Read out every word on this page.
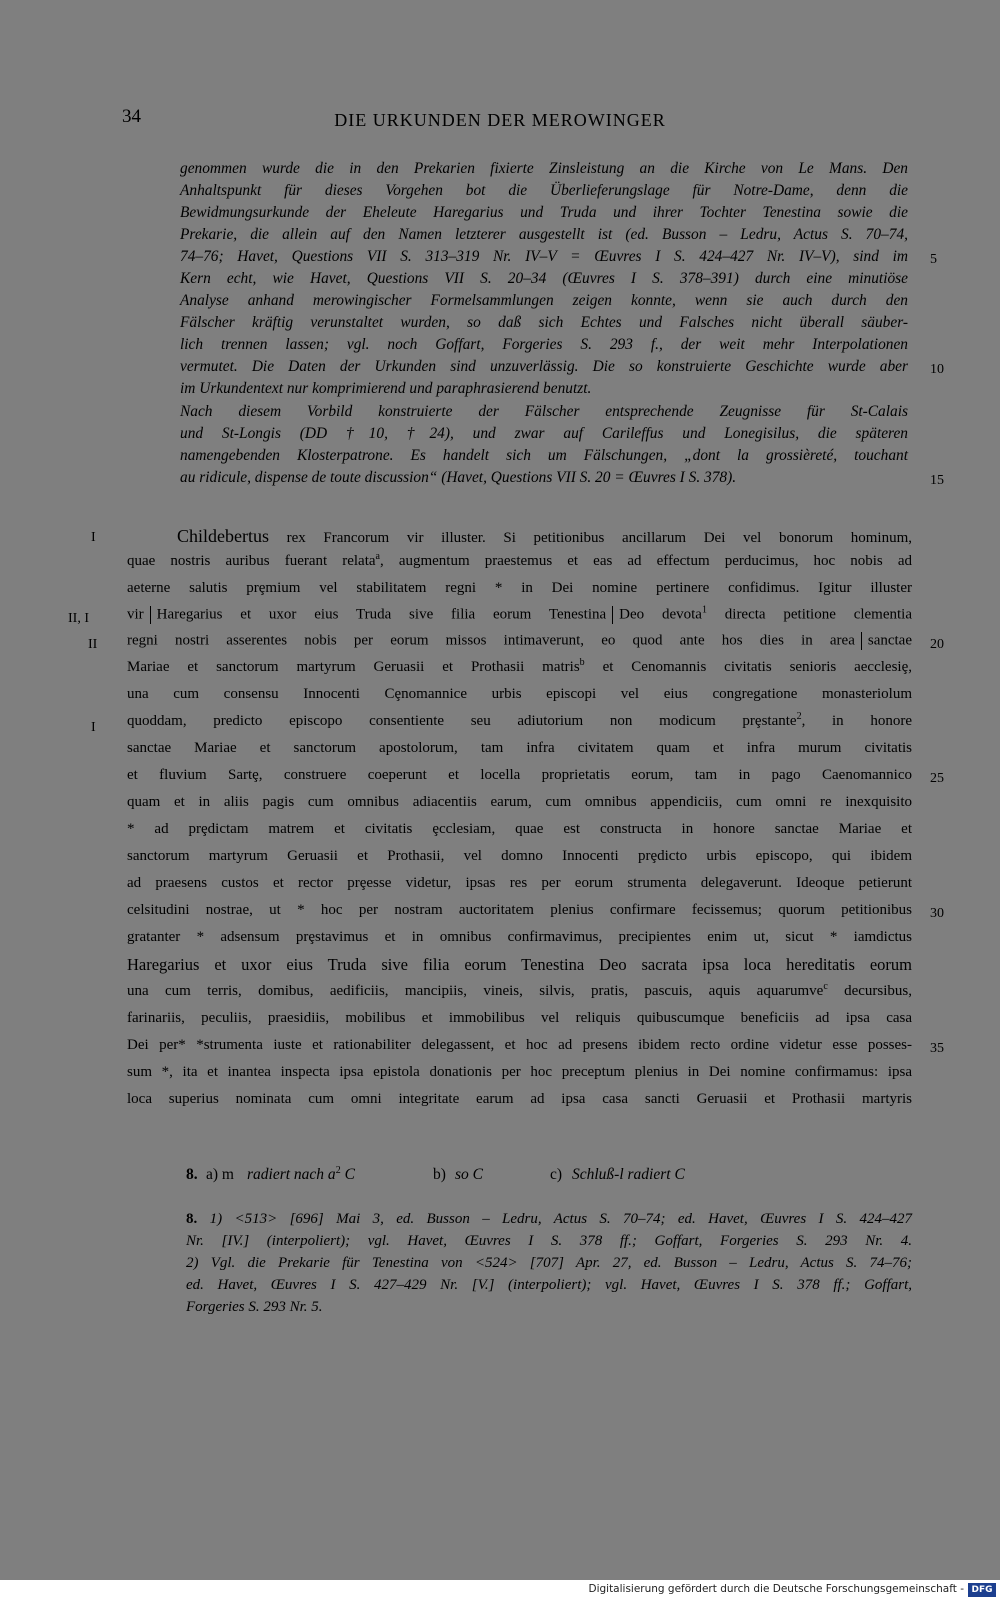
34	DIE URKUNDEN DER MEROWINGER
genommen wurde die in den Prekarien fixierte Zinsleistung an die Kirche von Le Mans. Den
Anhaltspunkt für dieses Vorgehen bot die Überlieferungslage für Notre-Dame, denn die
Bewidmungsurkunde der Eheleute Haregarius und Truda und ihrer Tochter Tenestina sowie die
Prekarie, die allein auf den Namen letzterer ausgestellt ist (ed. Busson – Ledru, Actus S. 70–74,
74–76; Havet, Questions VII S. 313–319 Nr. IV–V = Œuvres I S. 424–427 Nr. IV–V), sind im
Kern echt, wie Havet, Questions VII S. 20–34 (Œuvres I S. 378–391) durch eine minutiöse
Analyse anhand merowingischer Formelsammlungen zeigen konnte, wenn sie auch durch den
Fälscher kräftig verunstaltet wurden, so daß sich Echtes und Falsches nicht überall säuber-
lich trennen lassen; vgl. noch Goffart, Forgeries S. 293 f., der weit mehr Interpolationen
vermutet. Die Daten der Urkunden sind unzuverlässig. Die so konstruierte Geschichte wurde aber
im Urkundentext nur komprimierend und paraphrasierend benutzt.
Nach diesem Vorbild konstruierte der Fälscher entsprechende Zeugnisse für St-Calais
und St-Longis (DD †10, †24), und zwar auf Carileffus und Lonegisilus, die späteren
namengebenden Klosterpatrone. Es handelt sich um Fälschungen, „dont la grossièreté, touchant
au ridicule, dispense de toute discussion“ (Havet, Questions VII S. 20 = Œuvres I S. 378).
5
10
15
I
II, I
II
I
Childebertus rex Francorum vir illuster. Si petitionibus ancillarum Dei vel bonorum hominum,
quae nostris auribus fuerant relata$^a$, augmentum praestemus et eas ad effectum perducimus, hoc nobis ad
aeterne salutis prȩmium vel stabilitatem regni * in Dei nomine pertinere confidimus. Igitur illuster
vir Haregarius et uxor eius Truda sive filia eorum Tenestina Deo devota$^1$ directa petitione clementia
regni nostri asserentes nobis per eorum missos intimaverunt, eo quod ante hos dies in area sanctae
Mariae et sanctorum martyrum Geruasii et Prothasii matris$^b$ et Cenomannis civitatis senioris aecclesiȩ,
una cum consensu Innocenti Cȩnomannice urbis episcopi vel eius congregatione monasteriolum
quoddam, predicto episcopo consentiente seu adiutorium non modicum prȩstante$^2$, in honore
sanctae Mariae et sanctorum apostolorum, tam infra civitatem quam et infra murum civitatis
et fluvium Sartȩ, construere coeperunt et locella proprietatis eorum, tam in pago Caenomannico
quam et in aliis pagis cum omnibus adiacentiis earum, cum omnibus appendiciis, cum omni re inexquisito
* ad prȩdictam matrem et civitatis ȩcclesiam, quae est constructa in honore sanctae Mariae et
sanctorum martyrum Geruasii et Prothasii, vel domno Innocenti prȩdicto urbis episcopo, qui ibidem
ad praesens custos et rector prȩesse videtur, ipsas res per eorum strumenta delegaverunt. Ideoque petierunt
celsitudini nostrae, ut * hoc per nostram auctoritatem plenius confirmare fecissemus; quorum petitionibus
gratanter * adsensum prȩstavimus et in omnibus confirmavimus, precipientes enim ut, sicut * iamdictus
Haregarius et uxor eius Truda sive filia eorum Tenestina Deo sacrata ipsa loca hereditatis eorum
una cum terris, domibus, aedificiis, mancipiis, vineis, silvis, pratis, pascuis, aquis aquarumve$^c$ decursibus,
farinariis, peculiis, praesidiis, mobilibus et immobilibus vel reliquis quibuscumque beneficiis ad ipsa casa
Dei per* *strumenta iuste et rationabiliter delegassent, et hoc ad presens ibidem recto ordine videtur esse posses-
sum *, ita et inantea inspecta ipsa epistola donationis per hoc preceptum plenius in Dei nomine confirmamus: ipsa
loca superius nominata cum omni integritate earum ad ipsa casa sancti Geruasii et Prothasii martyris
20
25
30
35
8. a) m radiert nach $a^2$ C	b) so C	c) Schluß-l radiert C
8. 1) <513> [696] Mai 3, ed. Busson – Ledru, Actus S. 70–74; ed. Havet, Œuvres I S. 424–427
Nr. [IV.] (interpoliert); vgl. Havet, Œuvres I S. 378 ff.; Goffart, Forgeries S. 293 Nr. 4.
2) Vgl. die Prekarie für Tenestina von <524> [707] Apr. 27, ed. Busson – Ledru, Actus S. 74–76;
ed. Havet, Œuvres I S. 427–429 Nr. [V.] (interpoliert); vgl. Havet, Œuvres I S. 378 ff.; Goffart,
Forgeries S. 293 Nr. 5.
Digitalisierung gefördert durch die Deutsche Forschungsgemeinschaft - DFG
